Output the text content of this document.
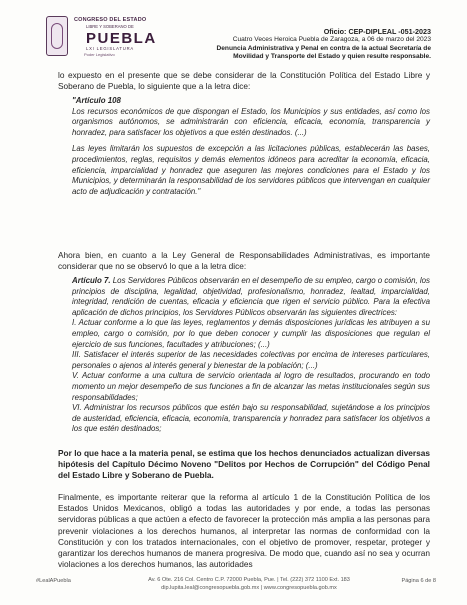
CONGRESO DEL ESTADO
LIBRE Y SOBERANO DE
PUEBLA
LXI LEGISLATURA
Poder Legislativo
Oficio: CEP-DIPLEAL -051-2023
Cuatro Veces Heroica Puebla de Zaragoza, a 06 de marzo del 2023
Denuncia Administrativa y Penal en contra de la actual Secretaría de
Movilidad y Transporte del Estado y quien resulte responsable.

lo expuesto en el presente que se debe considerar de la Constitución Política del Estado Libre y Soberano de Puebla, lo siguiente que a la letra dice:

"Artículo 108

Los recursos económicos de que dispongan el Estado, los Municipios y sus entidades, así como los organismos autónomos, se administrarán con eficiencia, eficacia, economía, transparencia y honradez, para satisfacer los objetivos a que estén destinados. (...)

Las leyes limitarán los supuestos de excepción a las licitaciones públicas, establecerán las bases, procedimientos, reglas, requisitos y demás elementos idóneos para acreditar la economía, eficacia, eficiencia, imparcialidad y honradez que aseguren las mejores condiciones para el Estado y los Municipios, y determinarán la responsabilidad de los servidores públicos que intervengan en cualquier acto de adjudicación y contratación."

Ahora bien, en cuanto a la Ley General de Responsabilidades Administrativas, es importante considerar que no se observó lo que a la letra dice:

Artículo 7. Los Servidores Públicos observarán en el desempeño de su empleo, cargo o comisión, los principios de disciplina, legalidad, objetividad, profesionalismo, honradez, lealtad, imparcialidad, integridad, rendición de cuentas, eficacia y eficiencia que rigen el servicio público. Para la efectiva aplicación de dichos principios, los Servidores Públicos observarán las siguientes directrices:

I. Actuar conforme a lo que las leyes, reglamentos y demás disposiciones jurídicas les atribuyen a su empleo, cargo o comisión, por lo que deben conocer y cumplir las disposiciones que regulan el ejercicio de sus funciones, facultades y atribuciones; (...)

III. Satisfacer el interés superior de las necesidades colectivas por encima de intereses particulares, personales o ajenos al interés general y bienestar de la población; (...)

V. Actuar conforme a una cultura de servicio orientada al logro de resultados, procurando en todo momento un mejor desempeño de sus funciones a fin de alcanzar las metas institucionales según sus responsabilidades;

VI. Administrar los recursos públicos que estén bajo su responsabilidad, sujetándose a los principios de austeridad, eficiencia, eficacia, economía, transparencia y honradez para satisfacer los objetivos a los que estén destinados;

Por lo que hace a la materia penal, se estima que los hechos denunciados actualizan diversas hipótesis del Capítulo Décimo Noveno "Delitos por Hechos de Corrupción" del Código Penal del Estado Libre y Soberano de Puebla.

Finalmente, es importante reiterar que la reforma al artículo 1 de la Constitución Política de los Estados Unidos Mexicanos, obligó a todas las autoridades y por ende, a todas las personas servidoras públicas a que actúen a efecto de favorecer la protección más amplia a las personas para prevenir violaciones a los derechos humanos, al interpretar las normas de conformidad con la Constitución y con los tratados internacionales, con el objetivo de promover, respetar, proteger y garantizar los derechos humanos de manera progresiva. De modo que, cuando así no sea y ocurran violaciones a los derechos humanos, las autoridades

#LealAPuebla	Av. 6 Ote. 216 Col. Centro C.P. 72000 Puebla, Pue. | Tel. (222) 372 1100 Ext. 183
dip.lupita.leal@congresopuebla.gob.mx | www.congresopuebla.gob.mx
Página 6 de 8
